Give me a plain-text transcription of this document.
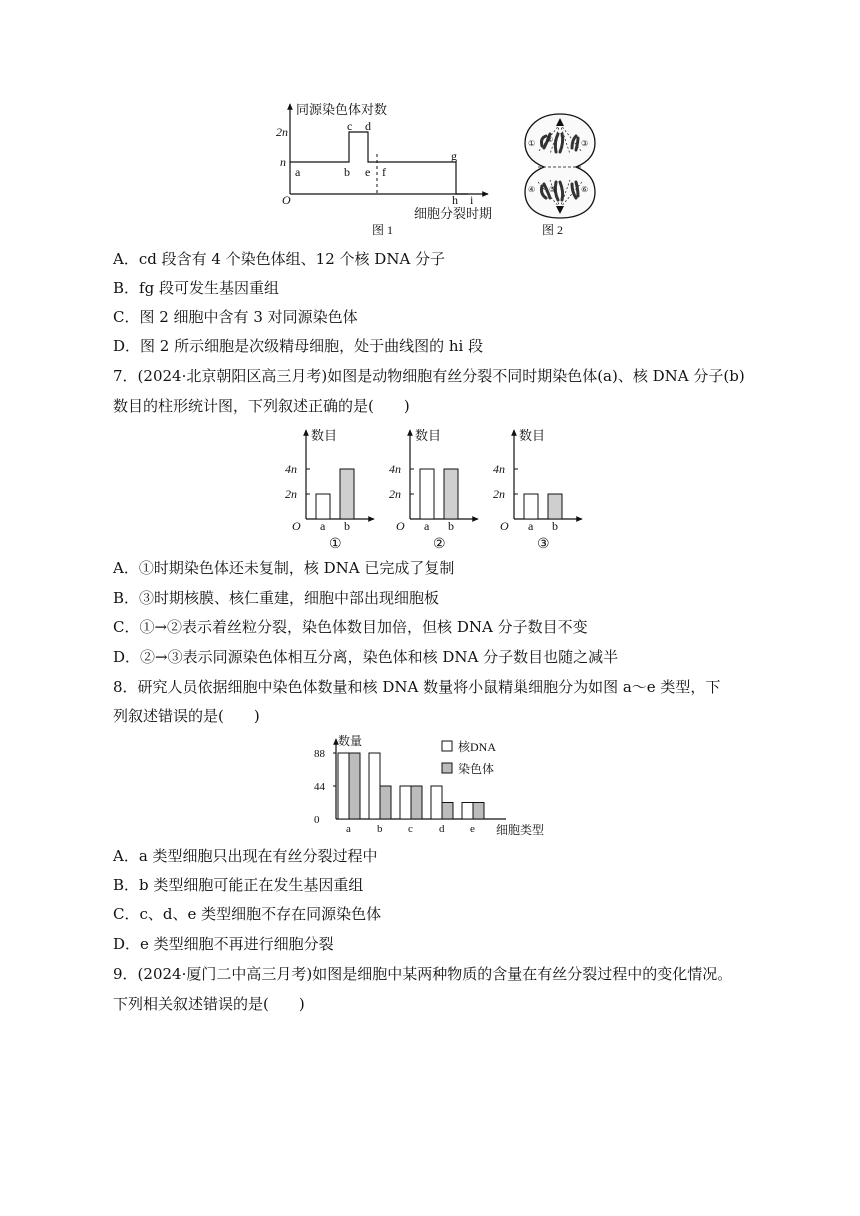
同源染色体对数
2n
n
O
a	b
c d
e f
g
h i
细胞分裂时期
图 1
① ②	③
④ ⑤	⑥
图 2
A．cd 段含有 4 个染色体组、12 个核 DNA 分子
B．fg 段可发生基因重组
C．图 2 细胞中含有 3 对同源染色体
D．图 2 所示细胞是次级精母细胞，处于曲线图的 hi 段
7．(2024·北京朝阳区高三月考)如图是动物细胞有丝分裂不同时期染色体(a)、核 DNA 分子(b)
数目的柱形统计图，下列叙述正确的是(　　)
数目
4n
2n
O a b
①
数目
4n
2n
O a b
②
数目
4n
2n
O a b
③
A．①时期染色体还未复制，核 DNA 已完成了复制
B．③时期核膜、核仁重建，细胞中部出现细胞板
C．①→②表示着丝粒分裂，染色体数目加倍，但核 DNA 分子数目不变
D．②→③表示同源染色体相互分离，染色体和核 DNA 分子数目也随之减半
8．研究人员依据细胞中染色体数量和核 DNA 数量将小鼠精巢细胞分为如图 a～e 类型，下
列叙述错误的是(　　)
数量
0
44
88
a b c d e 细胞类型
核DNA
染色体
A．a 类型细胞只出现在有丝分裂过程中
B．b 类型细胞可能正在发生基因重组
C．c、d、e 类型细胞不存在同源染色体
D．e 类型细胞不再进行细胞分裂
9．(2024·厦门二中高三月考)如图是细胞中某两种物质的含量在有丝分裂过程中的变化情况。
下列相关叙述错误的是(　　)
